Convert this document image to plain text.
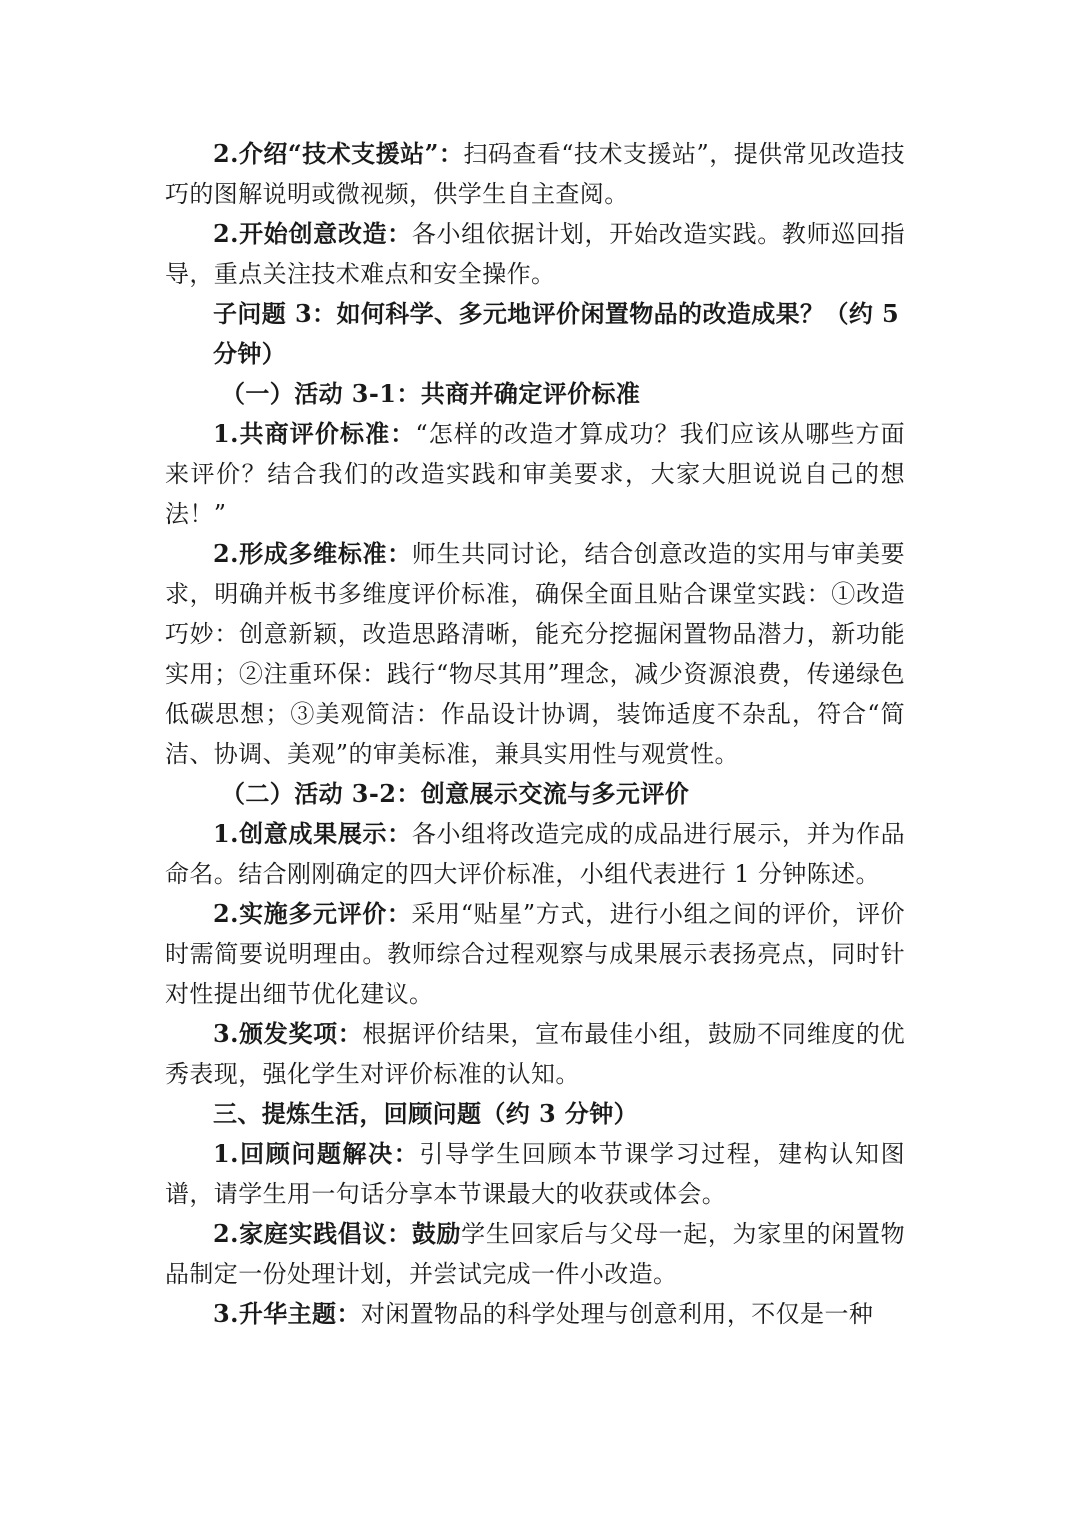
2.介绍“技术支援站”：扫码查看“技术支援站”，提供常见改造技巧的图解说明或微视频，供学生自主查阅。

2.开始创意改造：各小组依据计划，开始改造实践。教师巡回指导，重点关注技术难点和安全操作。

子问题 3：如何科学、多元地评价闲置物品的改造成果？（约 5 分钟）

（一）活动 3-1：共商并确定评价标准

1.共商评价标准：“怎样的改造才算成功？我们应该从哪些方面来评价？结合我们的改造实践和审美要求，大家大胆说说自己的想法！”

2.形成多维标准：师生共同讨论，结合创意改造的实用与审美要求，明确并板书多维度评价标准，确保全面且贴合课堂实践：①改造巧妙：创意新颖，改造思路清晰，能充分挖掘闲置物品潜力，新功能实用；②注重环保：践行“物尽其用”理念，减少资源浪费，传递绿色低碳思想；③美观简洁：作品设计协调，装饰适度不杂乱，符合“简洁、协调、美观”的审美标准，兼具实用性与观赏性。

（二）活动 3-2：创意展示交流与多元评价

1.创意成果展示：各小组将改造完成的成品进行展示，并为作品命名。结合刚刚确定的四大评价标准，小组代表进行 1 分钟陈述。

2.实施多元评价：采用“贴星”方式，进行小组之间的评价，评价时需简要说明理由。教师综合过程观察与成果展示表扬亮点，同时针对性提出细节优化建议。

3.颁发奖项：根据评价结果，宣布最佳小组，鼓励不同维度的优秀表现，强化学生对评价标准的认知。

三、提炼生活，回顾问题（约 3 分钟）

1.回顾问题解决：引导学生回顾本节课学习过程，建构认知图谱，请学生用一句话分享本节课最大的收获或体会。

2.家庭实践倡议：鼓励学生回家后与父母一起，为家里的闲置物品制定一份处理计划，并尝试完成一件小改造。

3.升华主题：对闲置物品的科学处理与创意利用，不仅是一种
